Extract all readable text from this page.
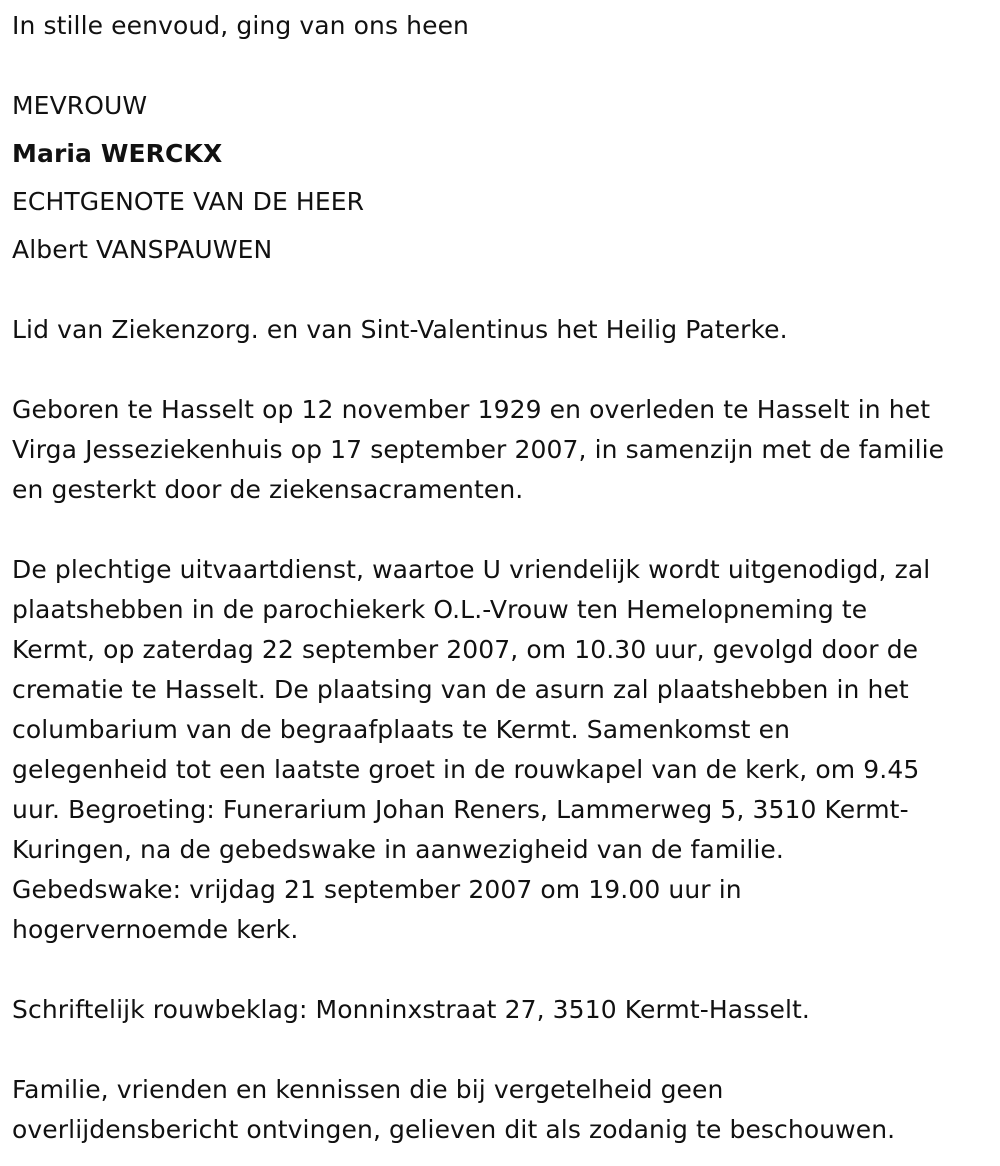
In stille eenvoud, ging van ons heen
MEVROUW
Maria WERCKX
ECHTGENOTE VAN DE HEER
Albert VANSPAUWEN
Lid van Ziekenzorg. en van Sint-Valentinus het Heilig Paterke.
Geboren te Hasselt op 12 november 1929 en overleden te Hasselt in het
Virga Jesseziekenhuis op 17 september 2007, in samenzijn met de familie
en gesterkt door de ziekensacramenten.
De plechtige uitvaartdienst, waartoe U vriendelijk wordt uitgenodigd, zal
plaatshebben in de parochiekerk O.L.-Vrouw ten Hemelopneming te
Kermt, op zaterdag 22 september 2007, om 10.30 uur, gevolgd door de
crematie te Hasselt. De plaatsing van de asurn zal plaatshebben in het
columbarium van de begraafplaats te Kermt. Samenkomst en
gelegenheid tot een laatste groet in de rouwkapel van de kerk, om 9.45
uur. Begroeting: Funerarium Johan Reners, Lammerweg 5, 3510 Kermt-
Kuringen, na de gebedswake in aanwezigheid van de familie.
Gebedswake: vrijdag 21 september 2007 om 19.00 uur in
hogervernoemde kerk.
Schriftelijk rouwbeklag: Monninxstraat 27, 3510 Kermt-Hasselt.
Familie, vrienden en kennissen die bij vergetelheid geen
overlijdensbericht ontvingen, gelieven dit als zodanig te beschouwen.
